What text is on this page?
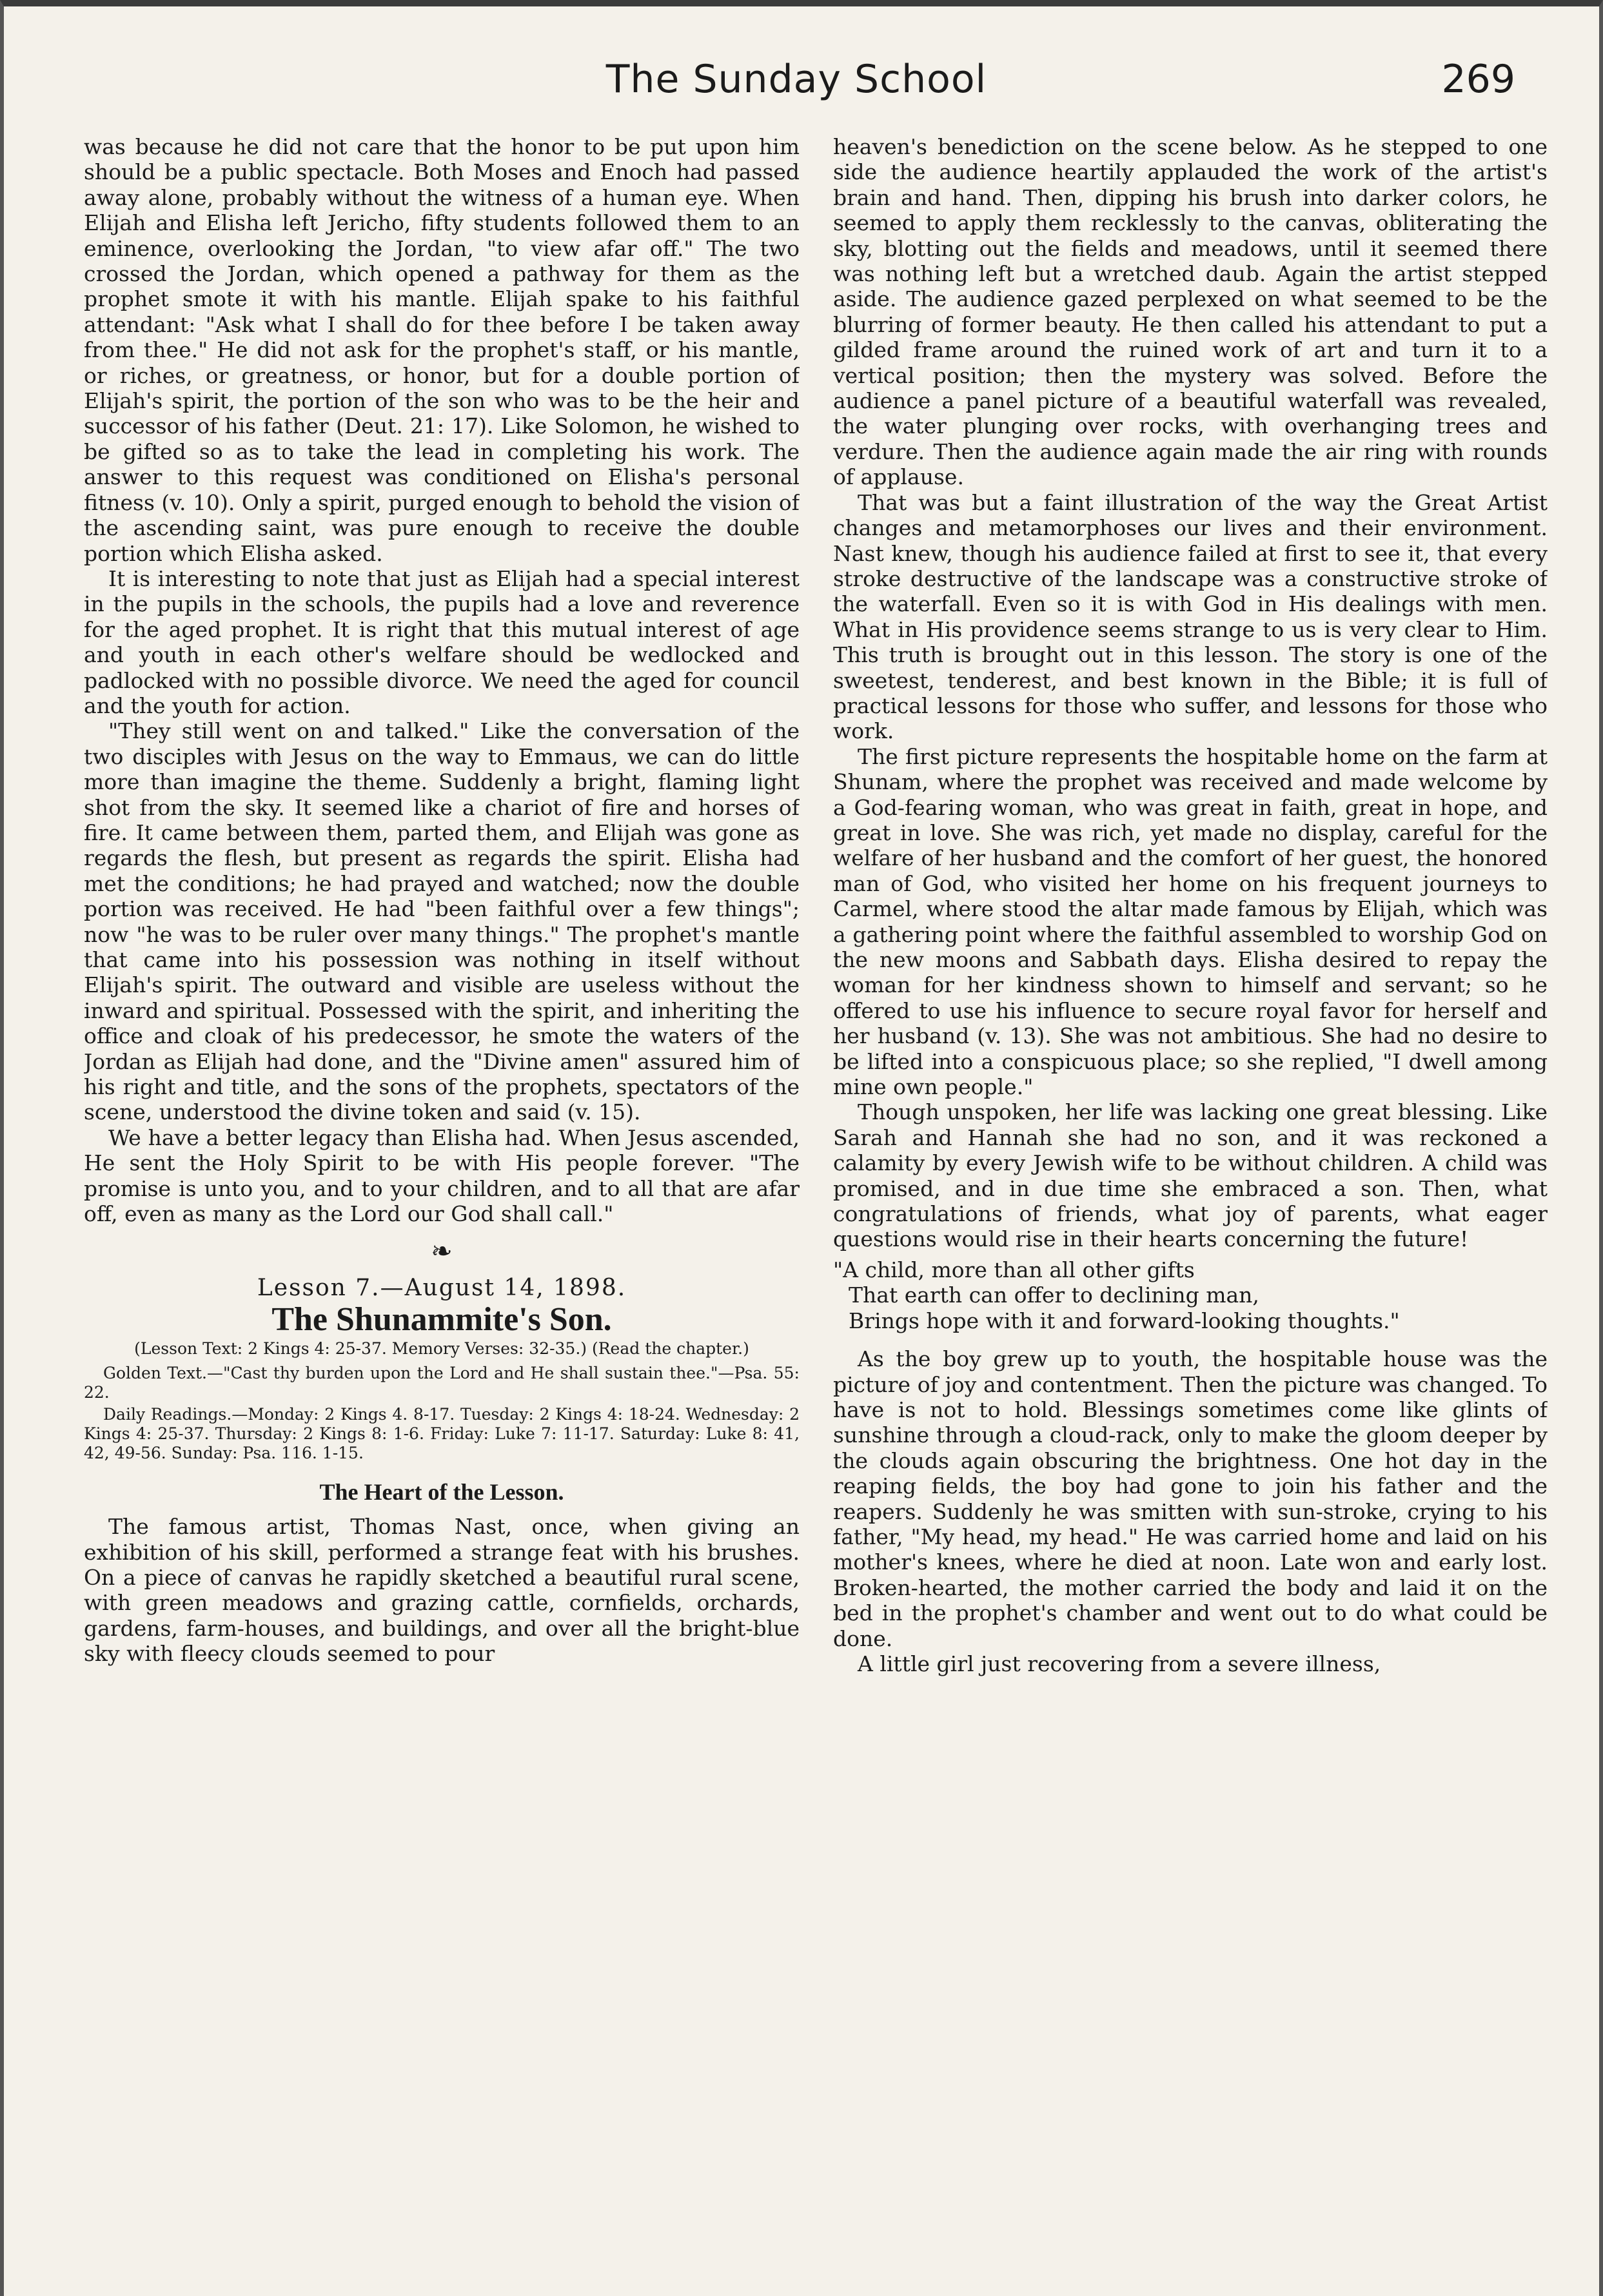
The Sunday School	269

was because he did not care that the honor to be put upon him should be a public spectacle. Both Moses and Enoch had passed away alone, probably without the witness of a human eye. When Elijah and Elisha left Jericho, fifty students followed them to an eminence, overlooking the Jordan, "to view afar off." The two crossed the Jordan, which opened a pathway for them as the prophet smote it with his mantle. Elijah spake to his faithful attendant: "Ask what I shall do for thee before I be taken away from thee." He did not ask for the prophet's staff, or his mantle, or riches, or greatness, or honor, but for a double portion of Elijah's spirit, the portion of the son who was to be the heir and successor of his father (Deut. 21: 17). Like Solomon, he wished to be gifted so as to take the lead in completing his work. The answer to this request was conditioned on Elisha's personal fitness (v. 10). Only a spirit, purged enough to behold the vision of the ascending saint, was pure enough to receive the double portion which Elisha asked.

It is interesting to note that just as Elijah had a special interest in the pupils in the schools, the pupils had a love and reverence for the aged prophet. It is right that this mutual interest of age and youth in each other's welfare should be wedlocked and padlocked with no possible divorce. We need the aged for council and the youth for action.

"They still went on and talked." Like the conversation of the two disciples with Jesus on the way to Emmaus, we can do little more than imagine the theme. Suddenly a bright, flaming light shot from the sky. It seemed like a chariot of fire and horses of fire. It came between them, parted them, and Elijah was gone as regards the flesh, but present as regards the spirit. Elisha had met the conditions; he had prayed and watched; now the double portion was received. He had "been faithful over a few things"; now "he was to be ruler over many things." The prophet's mantle that came into his possession was nothing in itself without Elijah's spirit. The outward and visible are useless without the inward and spiritual. Possessed with the spirit, and inheriting the office and cloak of his predecessor, he smote the waters of the Jordan as Elijah had done, and the "Divine amen" assured him of his right and title, and the sons of the prophets, spectators of the scene, understood the divine token and said (v. 15).

We have a better legacy than Elisha had. When Jesus ascended, He sent the Holy Spirit to be with His people forever. "The promise is unto you, and to your children, and to all that are afar off, even as many as the Lord our God shall call."

❧
Lesson 7.—August 14, 1898.
The Shunammite's Son.
(Lesson Text: 2 Kings 4: 25-37. Memory Verses: 32-35.) (Read the chapter.)

Golden Text.—"Cast thy burden upon the Lord and He shall sustain thee."—Psa. 55: 22.

Daily Readings.—Monday: 2 Kings 4. 8-17. Tuesday: 2 Kings 4: 18-24. Wednesday: 2 Kings 4: 25-37. Thursday: 2 Kings 8: 1-6. Friday: Luke 7: 11-17. Saturday: Luke 8: 41, 42, 49-56. Sunday: Psa. 116. 1-15.

The Heart of the Lesson.

The famous artist, Thomas Nast, once, when giving an exhibition of his skill, performed a strange feat with his brushes. On a piece of canvas he rapidly sketched a beautiful rural scene, with green meadows and grazing cattle, cornfields, orchards, gardens, farm-houses, and buildings, and over all the bright-blue sky with fleecy clouds seemed to pour

heaven's benediction on the scene below. As he stepped to one side the audience heartily applauded the work of the artist's brain and hand. Then, dipping his brush into darker colors, he seemed to apply them recklessly to the canvas, obliterating the sky, blotting out the fields and meadows, until it seemed there was nothing left but a wretched daub. Again the artist stepped aside. The audience gazed perplexed on what seemed to be the blurring of former beauty. He then called his attendant to put a gilded frame around the ruined work of art and turn it to a vertical position; then the mystery was solved. Before the audience a panel picture of a beautiful waterfall was revealed, the water plunging over rocks, with overhanging trees and verdure. Then the audience again made the air ring with rounds of applause.

That was but a faint illustration of the way the Great Artist changes and metamorphoses our lives and their environment. Nast knew, though his audience failed at first to see it, that every stroke destructive of the landscape was a constructive stroke of the waterfall. Even so it is with God in His dealings with men. What in His providence seems strange to us is very clear to Him. This truth is brought out in this lesson. The story is one of the sweetest, tenderest, and best known in the Bible; it is full of practical lessons for those who suffer, and lessons for those who work.

The first picture represents the hospitable home on the farm at Shunam, where the prophet was received and made welcome by a God-fearing woman, who was great in faith, great in hope, and great in love. She was rich, yet made no display, careful for the welfare of her husband and the comfort of her guest, the honored man of God, who visited her home on his frequent journeys to Carmel, where stood the altar made famous by Elijah, which was a gathering point where the faithful assembled to worship God on the new moons and Sabbath days. Elisha desired to repay the woman for her kindness shown to himself and servant; so he offered to use his influence to secure royal favor for herself and her husband (v. 13). She was not ambitious. She had no desire to be lifted into a conspicuous place; so she replied, "I dwell among mine own people."

Though unspoken, her life was lacking one great blessing. Like Sarah and Hannah she had no son, and it was reckoned a calamity by every Jewish wife to be without children. A child was promised, and in due time she embraced a son. Then, what congratulations of friends, what joy of parents, what eager questions would rise in their hearts concerning the future!

"A child, more than all other gifts
That earth can offer to declining man,
Brings hope with it and forward-looking thoughts."

As the boy grew up to youth, the hospitable house was the picture of joy and contentment. Then the picture was changed. To have is not to hold. Blessings sometimes come like glints of sunshine through a cloud-rack, only to make the gloom deeper by the clouds again obscuring the brightness. One hot day in the reaping fields, the boy had gone to join his father and the reapers. Suddenly he was smitten with sun-stroke, crying to his father, "My head, my head." He was carried home and laid on his mother's knees, where he died at noon. Late won and early lost. Broken-hearted, the mother carried the body and laid it on the bed in the prophet's chamber and went out to do what could be done.

A little girl just recovering from a severe illness,
